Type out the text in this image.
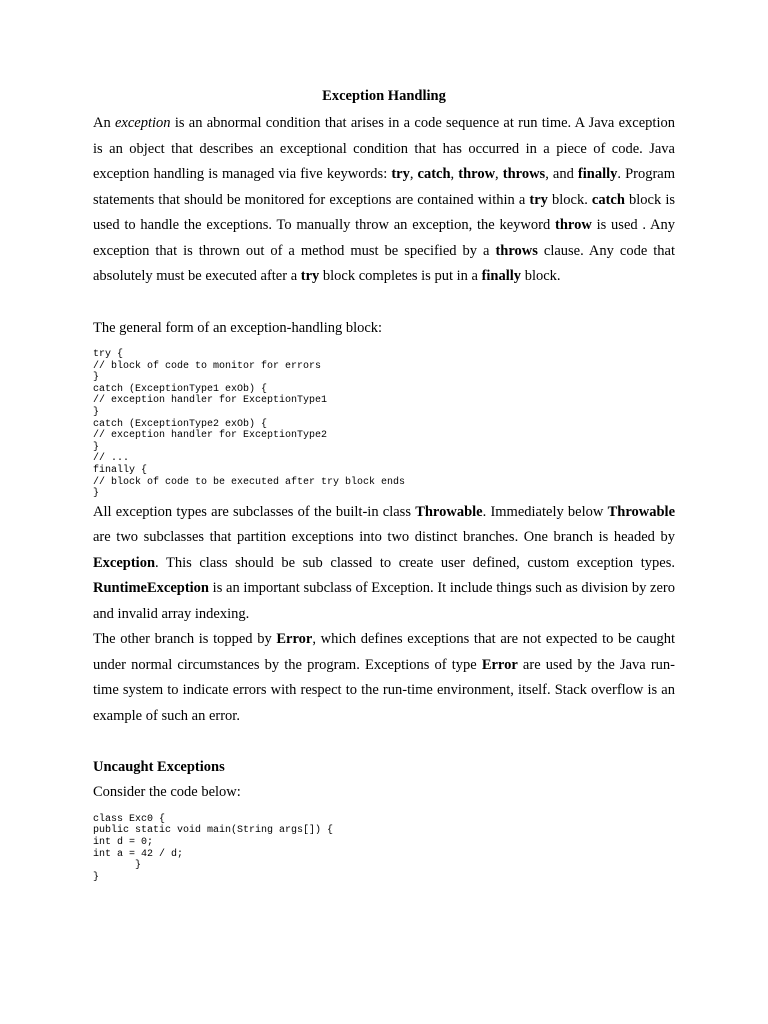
Exception Handling

An exception is an abnormal condition that arises in a code sequence at run time. A Java exception is an object that describes an exceptional condition that has occurred in a piece of code. Java exception handling is managed via five keywords: try, catch, throw, throws, and finally. Program statements that should be monitored for exceptions are contained within a try block. catch block is used to handle the exceptions. To manually throw an exception, the keyword throw is used . Any exception that is thrown out of a method must be specified by a throws clause. Any code that absolutely must be executed after a try block completes is put in a finally block.

The general form of an exception-handling block:

try {
// block of code to monitor for errors
}
catch (ExceptionType1 exOb) {
// exception handler for ExceptionType1
}
catch (ExceptionType2 exOb) {
// exception handler for ExceptionType2
}
// ...
finally {
// block of code to be executed after try block ends
}

All exception types are subclasses of the built-in class Throwable. Immediately below Throwable are two subclasses that partition exceptions into two distinct branches. One branch is headed by Exception. This class should be sub classed to create user defined, custom exception types. RuntimeException is an important subclass of Exception. It include things such as division by zero and invalid array indexing.

The other branch is topped by Error, which defines exceptions that are not expected to be caught under normal circumstances by the program. Exceptions of type Error are used by the Java run-time system to indicate errors with respect to the run-time environment, itself. Stack overflow is an example of such an error.

Uncaught Exceptions

Consider the code below:

class Exc0 {
public static void main(String args[]) {
int d = 0;
int a = 42 / d;
}
}
